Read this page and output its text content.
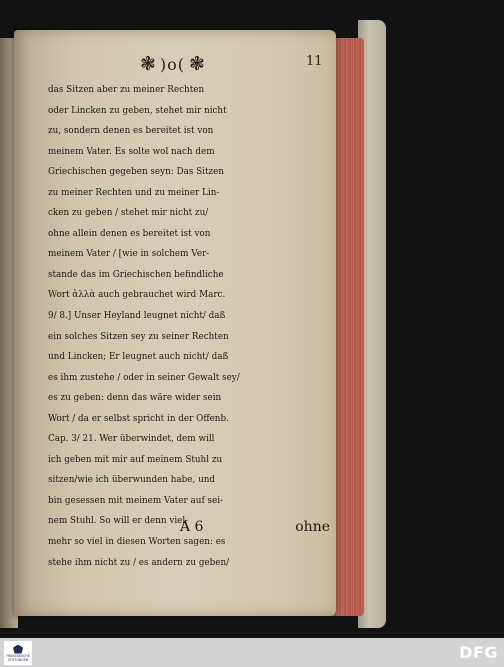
❃ )o( ❃	11
das Sitzen aber zu meiner Rechten
oder Lincken zu geben, stehet mir nicht
zu, sondern denen es bereitet ist von
meinem Vater. Es solte wol nach dem
Griechischen gegeben seyn: Das Sitzen
zu meiner Rechten und zu meiner Lin-
cken zu geben / stehet mir nicht zu/
ohne allein denen es bereitet ist von
meinem Vater / [wie in solchem Ver-
stande das im Griechischen befindliche
Wort ἀλλὰ auch gebrauchet wird Marc.
9/ 8.] Unser Heyland leugnet nicht/ daß
ein solches Sitzen sey zu seiner Rechten
und Lincken; Er leugnet auch nicht/ daß
es ihm zustehe / oder in seiner Gewalt sey/
es zu geben: denn das wäre wider sein
Wort / da er selbst spricht in der Offenb.
Cap. 3/ 21. Wer überwindet, dem will
ich geben mit mir auf meinem Stuhl zu
sitzen/wie ich überwunden habe, und
bin gesessen mit meinem Vater auf sei-
nem Stuhl. So will er denn viel-
mehr so viel in diesen Worten sagen: es
stehe ihm nicht zu / es andern zu geben/
A 6	ohne
FRANCKESCHE STIFTUNGEN	DFG
